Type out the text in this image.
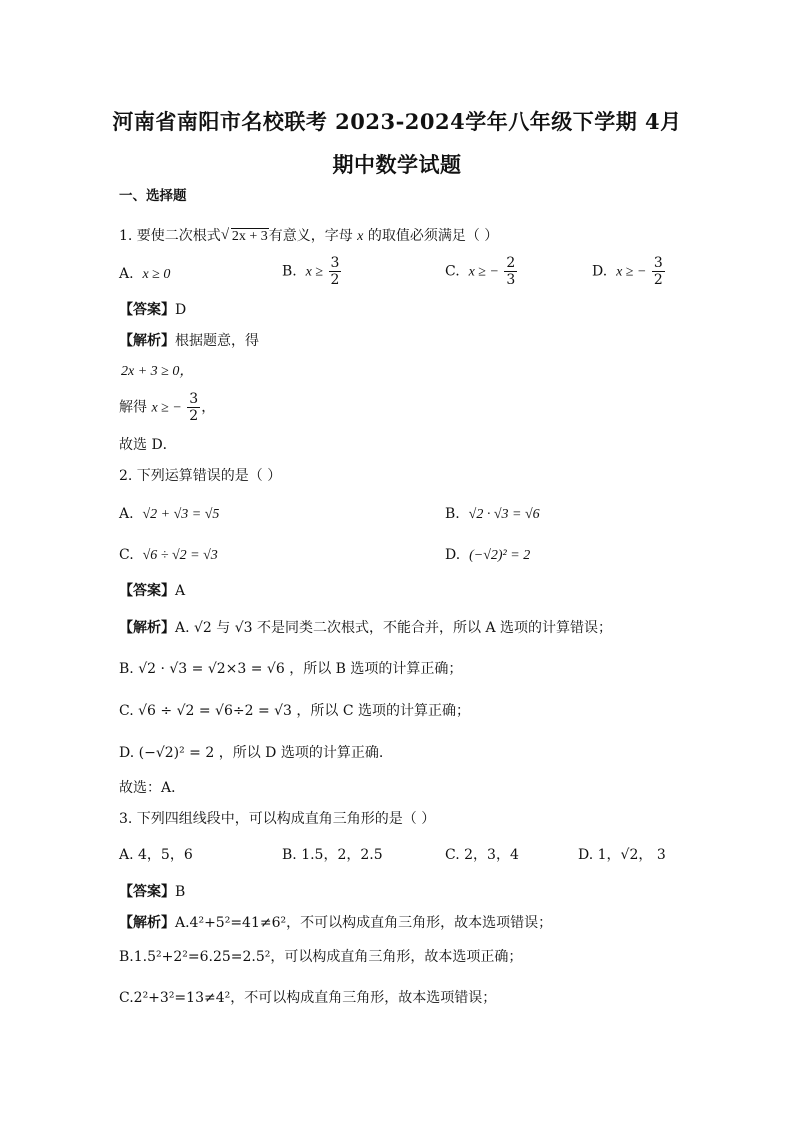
河南省南阳市名校联考 2023-2024学年八年级下学期 4月
期中数学试题
一、选择题
1. 要使二次根式√ 2x + 3有意义，字母 x 的取值必须满足（ ）
A. x ≥ 0	B. $x \ge \frac{3}{2}$	C. x ≥ − $\frac{2}{3}$	D. x ≥ − $\frac{3}{2}$
【答案】D
【解析】根据题意，得
2x + 3 ≥ 0，
解得 x ≥ − $\frac{3}{2}$ ，
故选 D．
2. 下列运算错误的是（ ）
A. √2 + √3 = √5	B. √2 · √3 = √6
C. √6 ÷ √2 = √3	D. (−√2)² = 2
【答案】A
【解析】A. √2 与 √3 不是同类二次根式，不能合并，所以 A 选项的计算错误；
B. √2 · √3 = √2×3 = √6 ，所以 B 选项的计算正确；
C. √6 ÷ √2 = √6÷2 = √3 ，所以 C 选项的计算正确；
D. (−√2)² = 2 ，所以 D 选项的计算正确.
故选：A．
3. 下列四组线段中，可以构成直角三角形的是（ ）
A. 4，5，6	B. 1.5，2，2.5	C. 2，3，4	D. 1，√2， 3
【答案】B
【解析】A.4²+5²=41≠6²，不可以构成直角三角形，故本选项错误；
B.1.5²+2²=6.25=2.5²，可以构成直角三角形，故本选项正确；
C.2²+3²=13≠4²，不可以构成直角三角形，故本选项错误；
